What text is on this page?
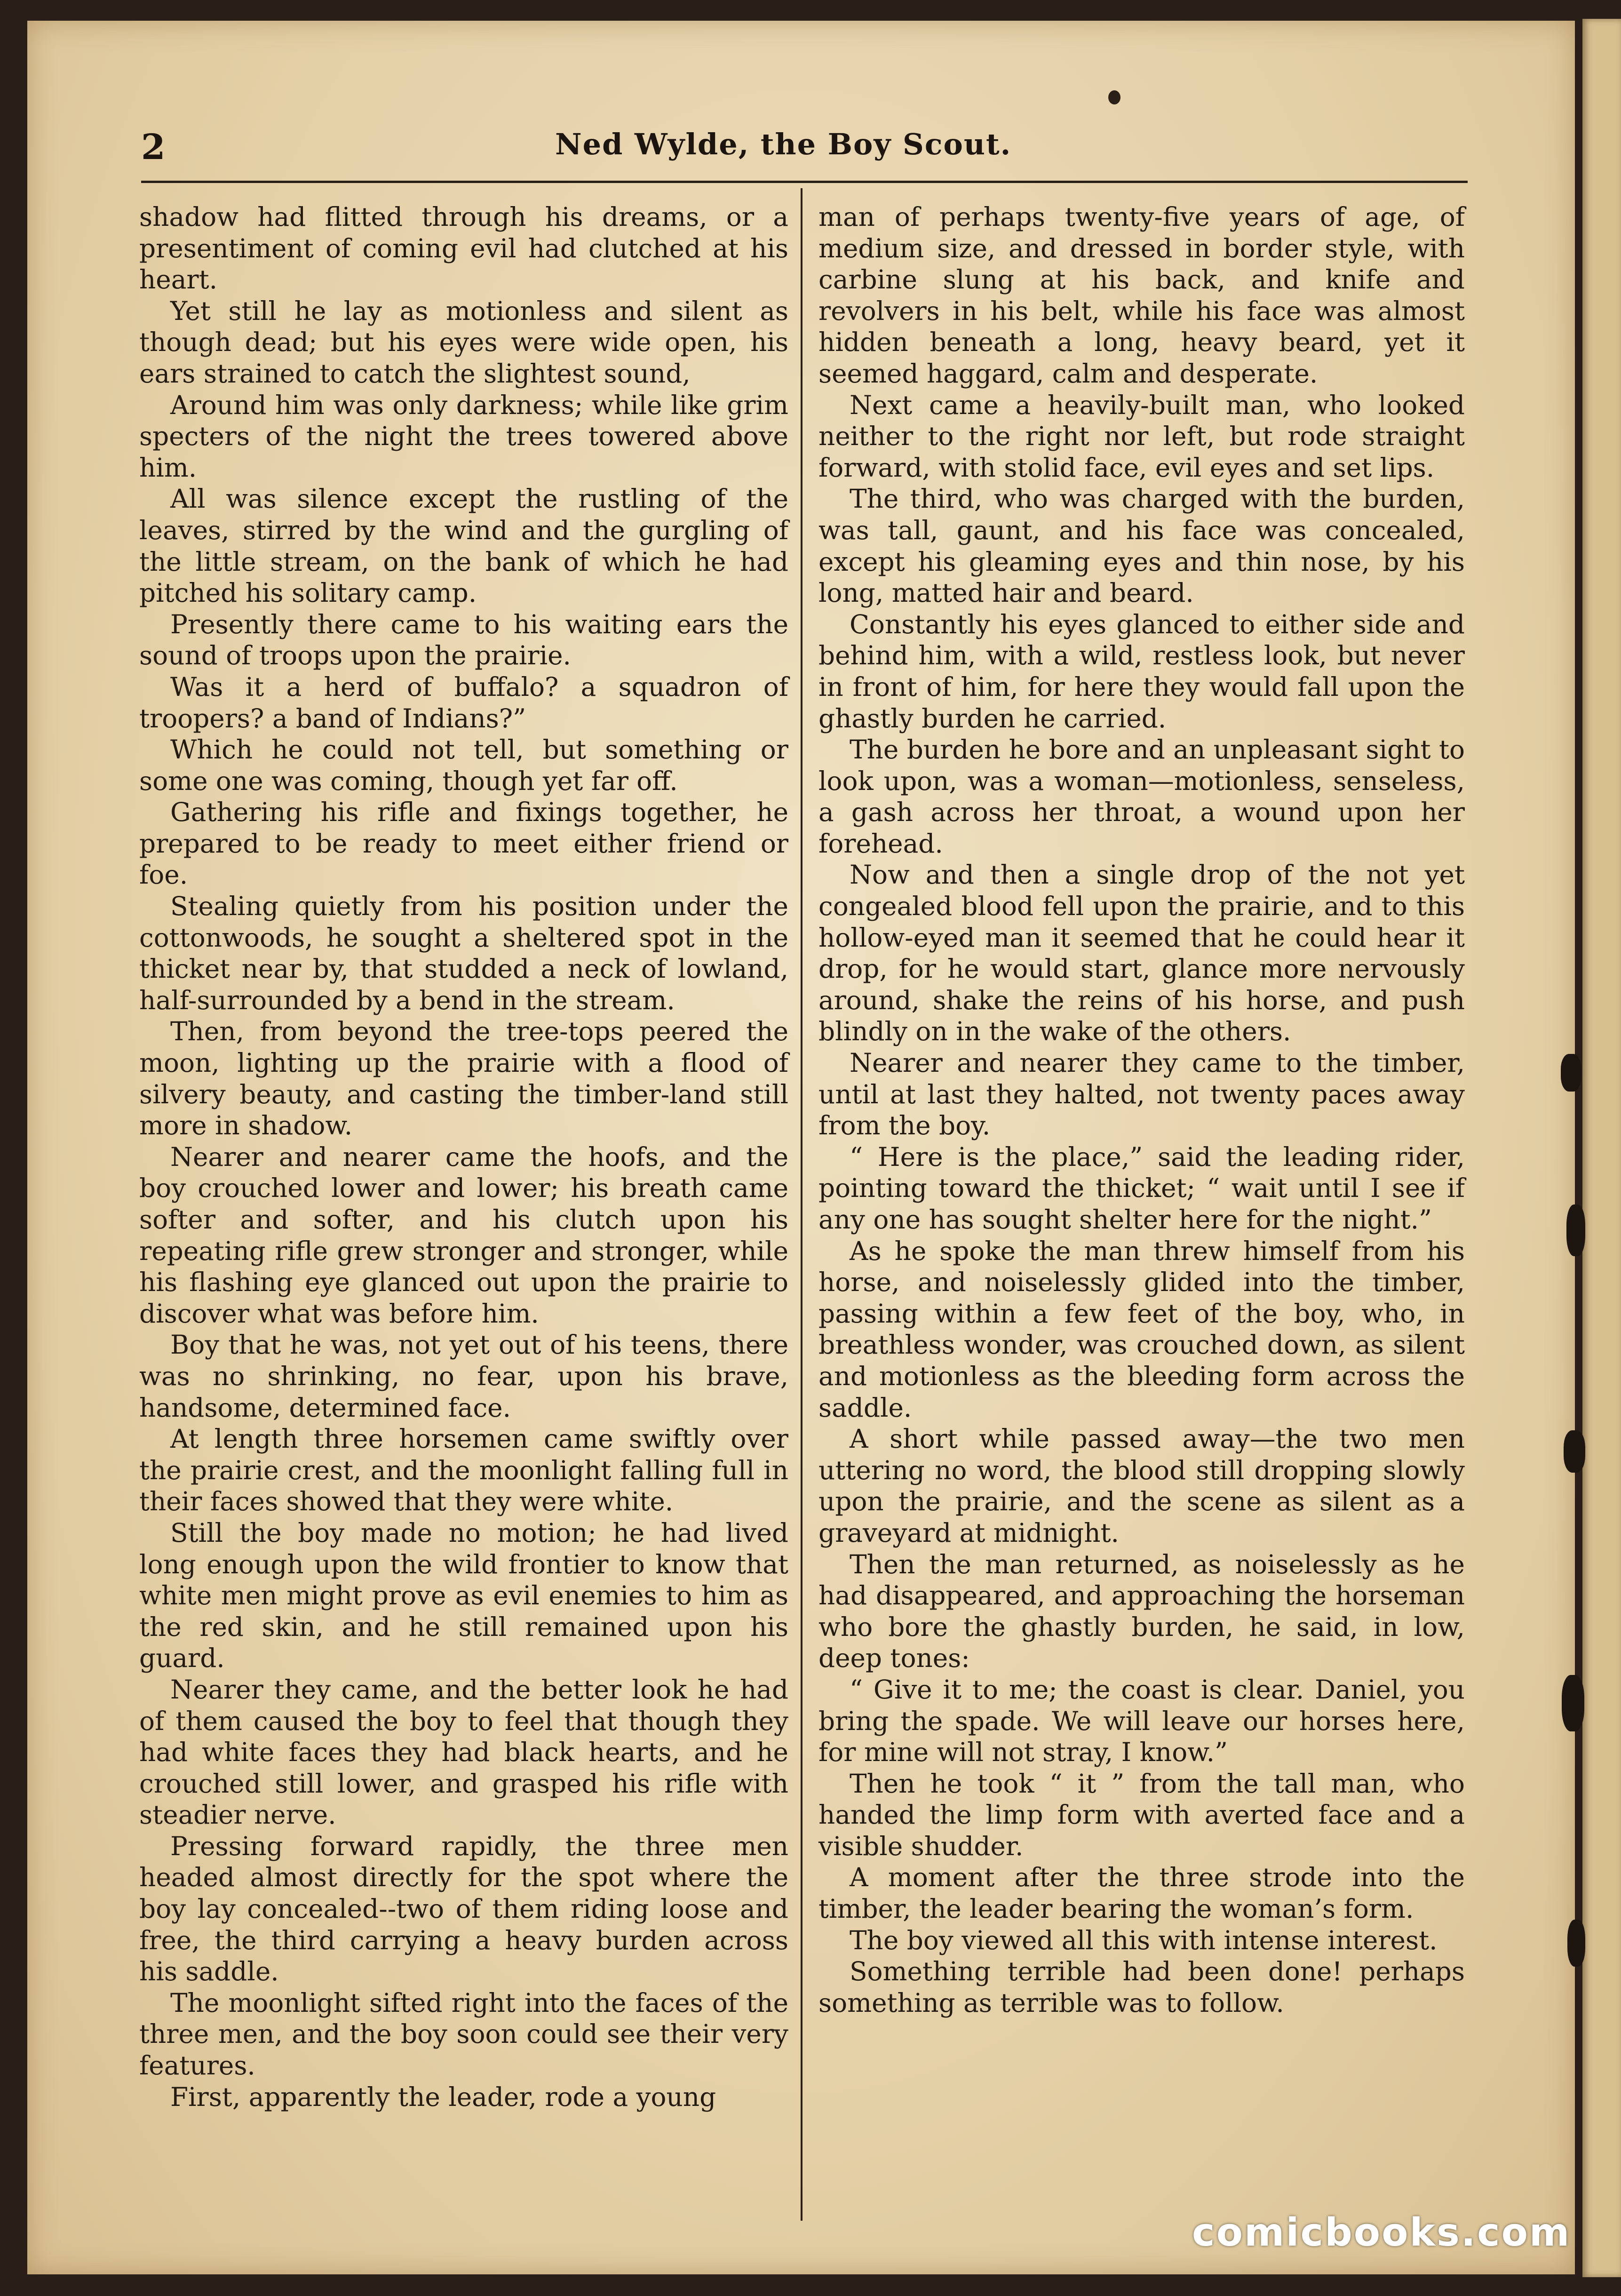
2	Ned Wylde, the Boy Scout.

shadow had flitted through his dreams, or a presentiment of coming evil had clutched at his heart.

Yet still he lay as motionless and silent as though dead; but his eyes were wide open, his ears strained to catch the slightest sound,

Around him was only darkness; while like grim specters of the night the trees towered above him.

All was silence except the rustling of the leaves, stirred by the wind and the gurgling of the little stream, on the bank of which he had pitched his solitary camp.

Presently there came to his waiting ears the sound of troops upon the prairie.

Was it a herd of buffalo? a squadron of troopers? a band of Indians?”

Which he could not tell, but something or some one was coming, though yet far off.

Gathering his rifle and fixings together, he prepared to be ready to meet either friend or foe.

Stealing quietly from his position under the cottonwoods, he sought a sheltered spot in the thicket near by, that studded a neck of lowland, half-surrounded by a bend in the stream.

Then, from beyond the tree-tops peered the moon, lighting up the prairie with a flood of silvery beauty, and casting the timber-land still more in shadow.

Nearer and nearer came the hoofs, and the boy crouched lower and lower; his breath came softer and softer, and his clutch upon his repeating rifle grew stronger and stronger, while his flashing eye glanced out upon the prairie to discover what was before him.

Boy that he was, not yet out of his teens, there was no shrinking, no fear, upon his brave, handsome, determined face.

At length three horsemen came swiftly over the prairie crest, and the moonlight falling full in their faces showed that they were white.

Still the boy made no motion; he had lived long enough upon the wild frontier to know that white men might prove as evil enemies to him as the red skin, and he still remained upon his guard.

Nearer they came, and the better look he had of them caused the boy to feel that though they had white faces they had black hearts, and he crouched still lower, and grasped his rifle with steadier nerve.

Pressing forward rapidly, the three men headed almost directly for the spot where the boy lay concealed--two of them riding loose and free, the third carrying a heavy burden across his saddle.

The moonlight sifted right into the faces of the three men, and the boy soon could see their very features.

First, apparently the leader, rode a young

man of perhaps twenty-five years of age, of medium size, and dressed in border style, with carbine slung at his back, and knife and revolvers in his belt, while his face was almost hidden beneath a long, heavy beard, yet it seemed haggard, calm and desperate.

Next came a heavily-built man, who looked neither to the right nor left, but rode straight forward, with stolid face, evil eyes and set lips.

The third, who was charged with the burden, was tall, gaunt, and his face was concealed, except his gleaming eyes and thin nose, by his long, matted hair and beard.

Constantly his eyes glanced to either side and behind him, with a wild, restless look, but never in front of him, for here they would fall upon the ghastly burden he carried.

The burden he bore and an unpleasant sight to look upon, was a woman—motionless, senseless, a gash across her throat, a wound upon her forehead.

Now and then a single drop of the not yet congealed blood fell upon the prairie, and to this hollow-eyed man it seemed that he could hear it drop, for he would start, glance more nervously around, shake the reins of his horse, and push blindly on in the wake of the others.

Nearer and nearer they came to the timber, until at last they halted, not twenty paces away from the boy.

“ Here is the place,” said the leading rider, pointing toward the thicket; “ wait until I see if any one has sought shelter here for the night.”

As he spoke the man threw himself from his horse, and noiselessly glided into the timber, passing within a few feet of the boy, who, in breathless wonder, was crouched down, as silent and motionless as the bleeding form across the saddle.

A short while passed away—the two men uttering no word, the blood still dropping slowly upon the prairie, and the scene as silent as a graveyard at midnight.

Then the man returned, as noiselessly as he had disappeared, and approaching the horseman who bore the ghastly burden, he said, in low, deep tones:

“ Give it to me; the coast is clear. Daniel, you bring the spade. We will leave our horses here, for mine will not stray, I know.”

Then he took “ it ” from the tall man, who handed the limp form with averted face and a visible shudder.

A moment after the three strode into the timber, the leader bearing the woman’s form.

The boy viewed all this with intense interest.

Something terrible had been done! perhaps something as terrible was to follow.

comicbooks.com
